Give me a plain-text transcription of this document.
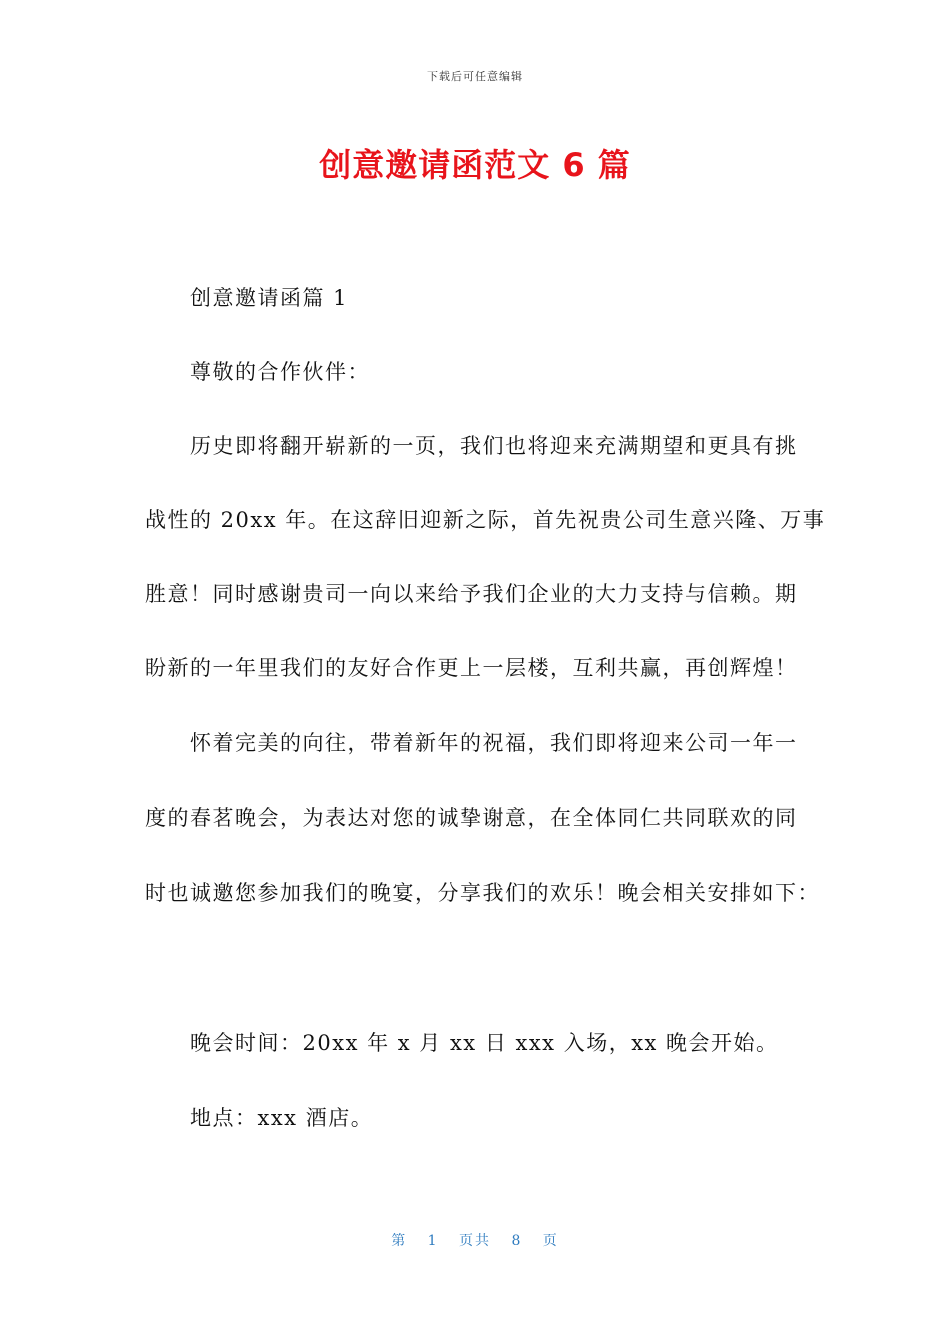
下载后可任意编辑
创意邀请函范文 6 篇
创意邀请函篇 1
尊敬的合作伙伴：
历史即将翻开崭新的一页，我们也将迎来充满期望和更具有挑
战性的 20xx 年。在这辞旧迎新之际，首先祝贵公司生意兴隆、万事
胜意！同时感谢贵司一向以来给予我们企业的大力支持与信赖。期
盼新的一年里我们的友好合作更上一层楼，互利共赢，再创辉煌！
怀着完美的向往，带着新年的祝福，我们即将迎来公司一年一
度的春茗晚会，为表达对您的诚挚谢意，在全体同仁共同联欢的同
时也诚邀您参加我们的晚宴，分享我们的欢乐！晚会相关安排如下：
晚会时间：20xx 年 x 月 xx 日 xxx 入场，xx 晚会开始。
地点：xxx 酒店。
第 1 页共 8 页
